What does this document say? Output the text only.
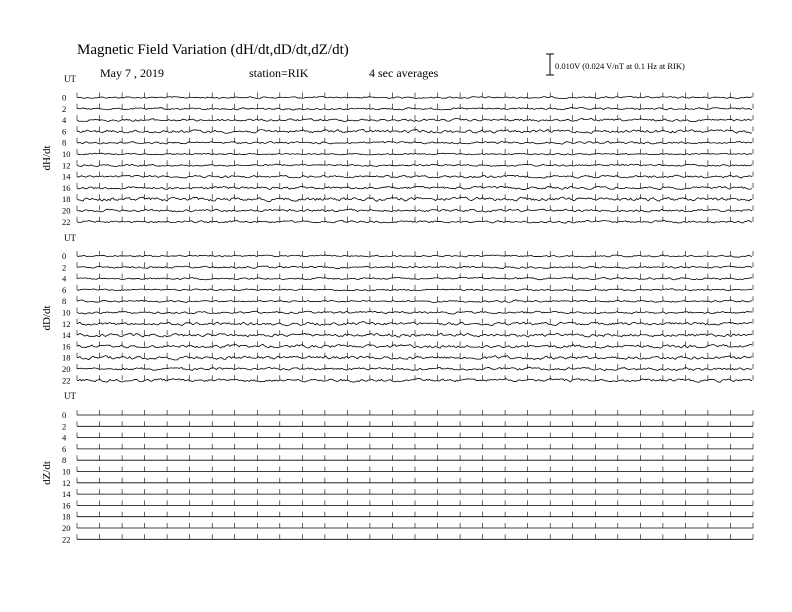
Magnetic Field Variation (dH/dt,dD/dt,dZ/dt)
May 7 , 2019	station=RIK	4 sec averages	0.010V (0.024 V/nT at 0.1 Hz at RIK)
UT
dH/dt
0
2
4
6
8
10
12
14
16
18
20
22
UT
dD/dt
0
2
4
6
8
10
12
14
16
18
20
22
UT
dZ/dt
0
2
4
6
8
10
12
14
16
18
20
22
